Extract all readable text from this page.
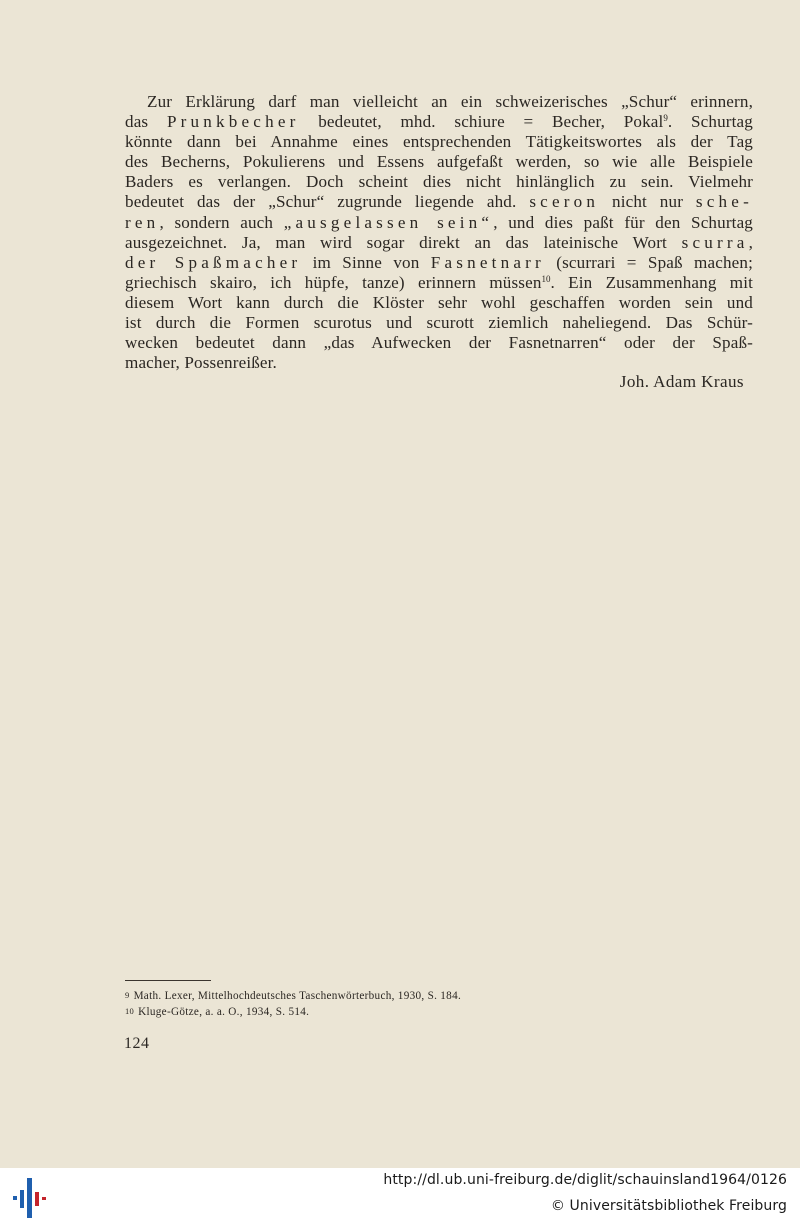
Zur Erklärung darf man vielleicht an ein schweizerisches „Schur“ erinnern,
das Prunkbecher bedeutet, mhd. schiure = Becher, Pokal$^9$. Schurtag
könnte dann bei Annahme eines entsprechenden Tätigkeitswortes als der Tag
des Becherns, Pokulierens und Essens aufgefaßt werden, so wie alle Beispiele
Baders es verlangen. Doch scheint dies nicht hinlänglich zu sein. Vielmehr
bedeutet das der „Schur“ zugrunde liegende ahd. sceron nicht nur sche-
ren, sondern auch „ausgelassen sein“, und dies paßt für den Schurtag
ausgezeichnet. Ja, man wird sogar direkt an das lateinische Wort scurra,
der Spaßmacher im Sinne von Fasnetnarr (scurrari = Spaß machen;
griechisch skairo, ich hüpfe, tanze) erinnern müssen$^{10}$. Ein Zusammenhang mit
diesem Wort kann durch die Klöster sehr wohl geschaffen worden sein und
ist durch die Formen scurotus und scurott ziemlich naheliegend. Das Schür-
wecken bedeutet dann „das Aufwecken der Fasnetnarren“ oder der Spaß-
macher, Possenreißer.
Joh. Adam Kraus
9 Math. Lexer, Mittelhochdeutsches Taschenwörterbuch, 1930, S. 184.
10 Kluge-Götze, a. a. O., 1934, S. 514.
124
http://dl.ub.uni-freiburg.de/diglit/schauinsland1964/0126
© Universitätsbibliothek Freiburg
